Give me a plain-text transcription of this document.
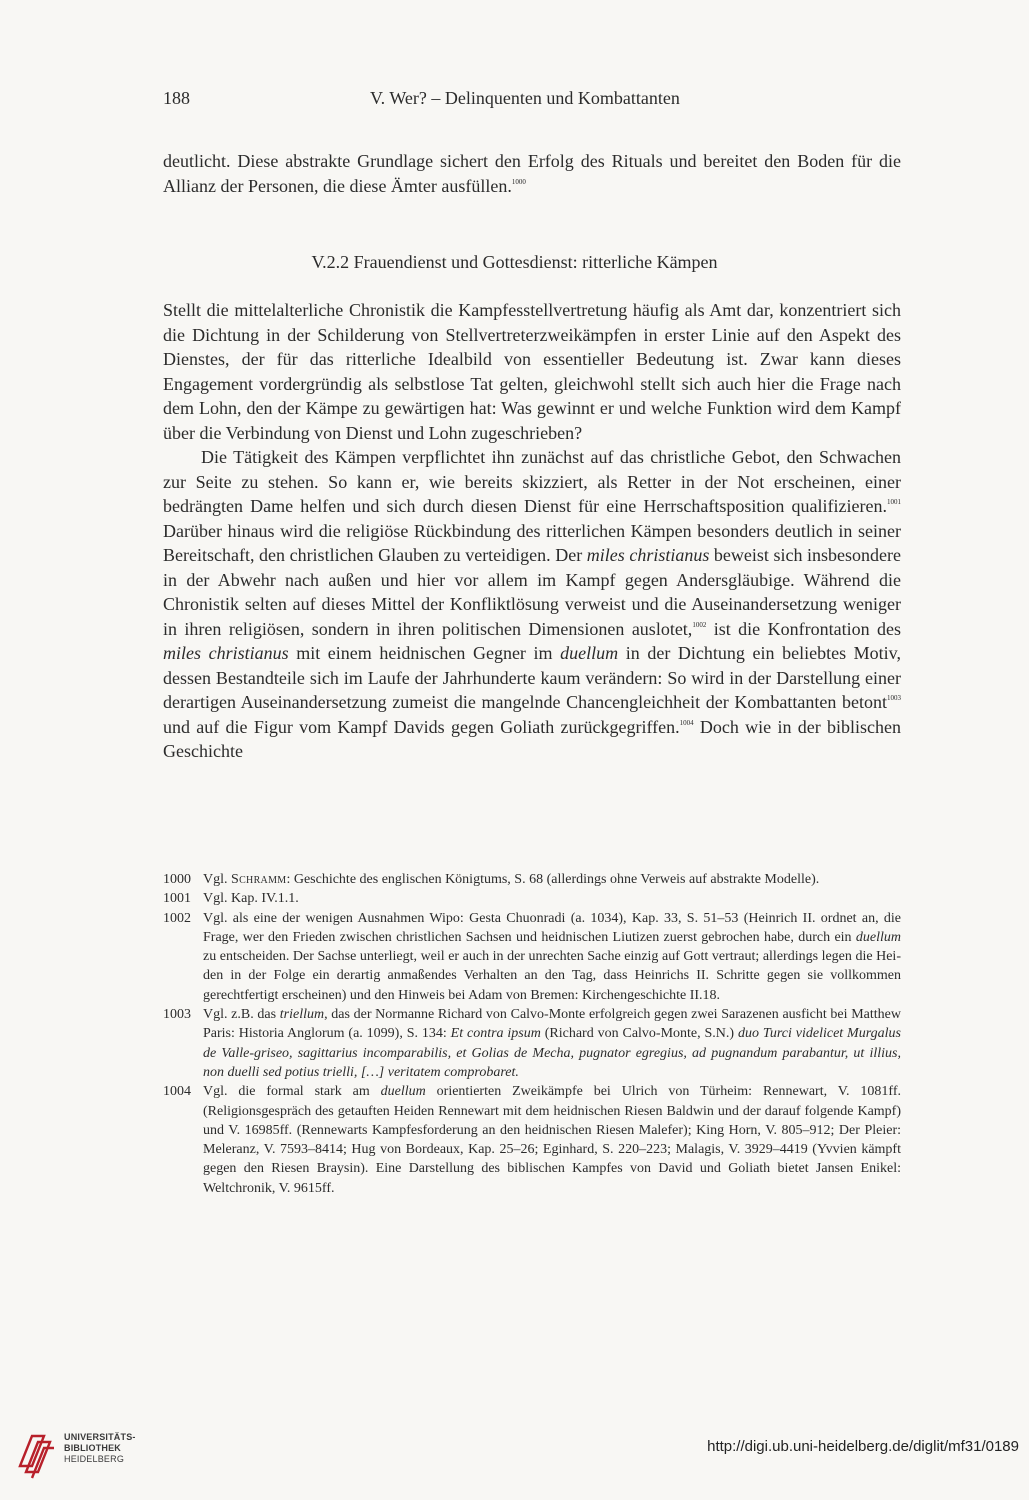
188	V. Wer? – Delinquenten und Kombattanten

deutlicht. Diese abstrakte Grundlage sichert den Erfolg des Rituals und bereitet den Boden für die Allianz der Personen, die diese Ämter ausfüllen.$^{1000}$

V.2.2 Frauendienst und Gottesdienst: ritterliche Kämpen

Stellt die mittelalterliche Chronistik die Kampfesstellvertretung häufig als Amt dar, konzentriert sich die Dichtung in der Schilderung von Stellvertreterzweikämpfen in erster Linie auf den Aspekt des Dienstes, der für das ritterliche Idealbild von essentieller Bedeutung ist. Zwar kann dieses Engagement vordergründig als selbstlose Tat gelten, gleichwohl stellt sich auch hier die Frage nach dem Lohn, den der Kämpe zu gewärtigen hat: Was gewinnt er und welche Funktion wird dem Kampf über die Verbindung von Dienst und Lohn zugeschrieben?

Die Tätigkeit des Kämpen verpflichtet ihn zunächst auf das christliche Gebot, den Schwachen zur Seite zu stehen. So kann er, wie bereits skizziert, als Retter in der Not erscheinen, einer bedrängten Dame helfen und sich durch diesen Dienst für eine Herrschaftsposition qualifizieren.$^{1001}$ Darüber hinaus wird die religiöse Rückbindung des ritterlichen Kämpen besonders deutlich in seiner Bereitschaft, den christlichen Glauben zu verteidigen. Der miles christianus beweist sich insbesondere in der Abwehr nach außen und hier vor allem im Kampf gegen Andersgläubige. Während die Chronistik selten auf dieses Mittel der Konfliktlösung verweist und die Auseinandersetzung weniger in ihren religiösen, sondern in ihren politischen Dimensionen auslotet,$^{1002}$ ist die Konfrontation des miles christianus mit einem heidnischen Gegner im duellum in der Dichtung ein beliebtes Motiv, dessen Bestandteile sich im Laufe der Jahrhunderte kaum verändern: So wird in der Darstellung einer derartigen Auseinandersetzung zumeist die mangelnde Chancengleichheit der Kombattanten betont$^{1003}$ und auf die Figur vom Kampf Davids gegen Goliath zurückgegriffen.$^{1004}$ Doch wie in der biblischen Geschichte

1000 Vgl. Schramm: Geschichte des englischen Königtums, S. 68 (allerdings ohne Verweis auf abstrakte Modelle).
1001 Vgl. Kap. IV.1.1.
1002 Vgl. als eine der wenigen Ausnahmen Wipo: Gesta Chuonradi (a. 1034), Kap. 33, S. 51–53 (Heinrich II. ordnet an, die Frage, wer den Frieden zwischen christlichen Sachsen und heidnischen Liutizen zuerst gebrochen habe, durch ein duellum zu entscheiden. Der Sachse unterliegt, weil er auch in der unrechten Sache einzig auf Gott vertraut; allerdings legen die Heiden in der Folge ein derartig anmaßendes Verhalten an den Tag, dass Heinrichs II. Schritte gegen sie vollkommen gerechtfertigt erscheinen) und den Hinweis bei Adam von Bremen: Kirchengeschichte II.18.
1003 Vgl. z.B. das triellum, das der Normanne Richard von Calvo-Monte erfolgreich gegen zwei Sarazenen ausficht bei Matthew Paris: Historia Anglorum (a. 1099), S. 134: Et contra ipsum (Richard von Calvo-Monte, S.N.) duo Turci videlicet Murgalus de Valle-griseo, sagittarius incomparabilis, et Golias de Mecha, pugnator egregius, ad pugnandum parabantur, ut illius, non duelli sed potius trielli, […] veritatem comprobaret.
1004 Vgl. die formal stark am duellum orientierten Zweikämpfe bei Ulrich von Türheim: Rennewart, V. 1081ff. (Religionsgespräch des getauften Heiden Rennewart mit dem heidnischen Riesen Baldwin und der darauf folgende Kampf) und V. 16985ff. (Rennewarts Kampfesforderung an den heidnischen Riesen Malefer); King Horn, V. 805–912; Der Pleier: Meleranz, V. 7593–8414; Hug von Bordeaux, Kap. 25–26; Eginhard, S. 220–223; Malagis, V. 3929–4419 (Yvvien kämpft gegen den Riesen Braysin). Eine Darstellung des biblischen Kampfes von David und Goliath bietet Jansen Enikel: Weltchronik, V. 9615ff.
UNIVERSITÄTS-
BIBLIOTHEK
HEIDELBERG
http://digi.ub.uni-heidelberg.de/diglit/mf31/0189
